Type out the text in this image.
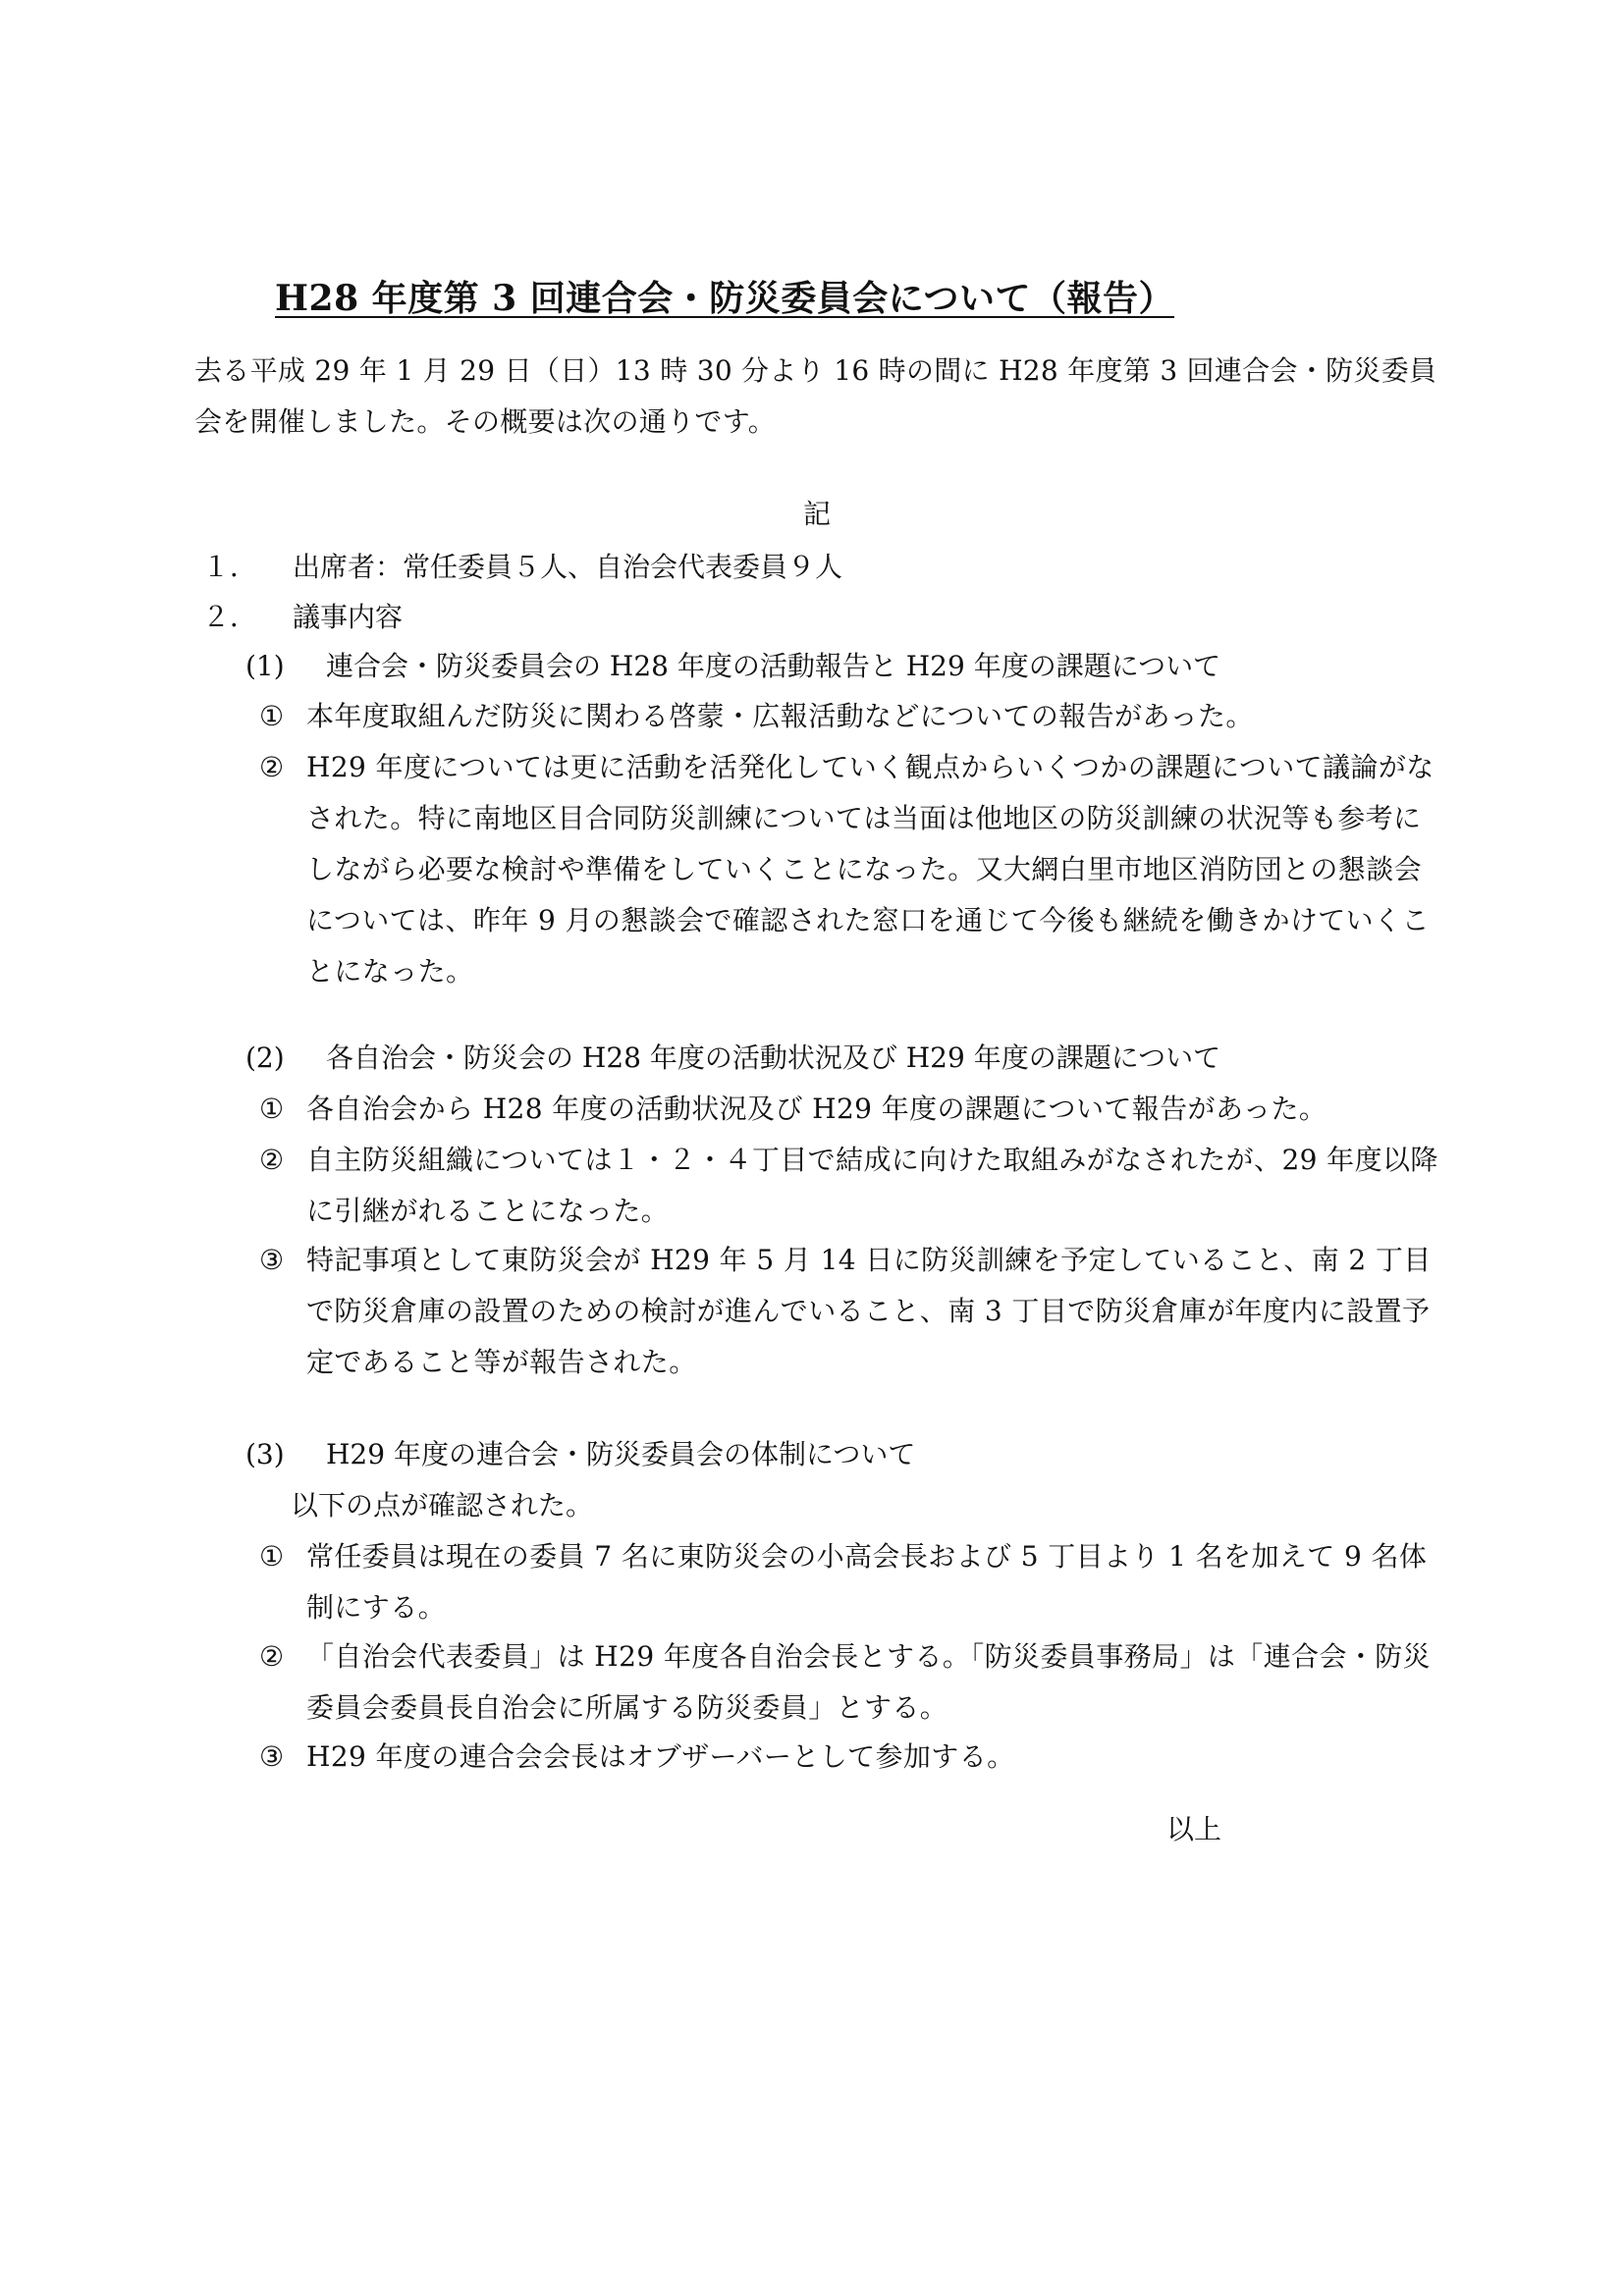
H28 年度第 3 回連合会・防災委員会について（報告）
去る平成 29 年 1 月 29 日（日）13 時 30 分より 16 時の間に H28 年度第 3 回連合会・防災委員会を開催しました。その概要は次の通りです。
記
１． 出席者：常任委員５人、自治会代表委員９人
２． 議事内容
(1) 連合会・防災委員会の H28 年度の活動報告と H29 年度の課題について
① 本年度取組んだ防災に関わる啓蒙・広報活動などについての報告があった。
② H29 年度については更に活動を活発化していく観点からいくつかの課題について議論がなされた。特に南地区目合同防災訓練については当面は他地区の防災訓練の状況等も参考にしながら必要な検討や準備をしていくことになった。又大網白里市地区消防団との懇談会については、昨年 9 月の懇談会で確認された窓口を通じて今後も継続を働きかけていくことになった。
(2) 各自治会・防災会の H28 年度の活動状況及び H29 年度の課題について
① 各自治会から H28 年度の活動状況及び H29 年度の課題について報告があった。
② 自主防災組織については１・２・４丁目で結成に向けた取組みがなされたが、29 年度以降に引継がれることになった。
③ 特記事項として東防災会が H29 年 5 月 14 日に防災訓練を予定していること、南 2 丁目で防災倉庫の設置のための検討が進んでいること、南 3 丁目で防災倉庫が年度内に設置予定であること等が報告された。
(3) H29 年度の連合会・防災委員会の体制について
以下の点が確認された。
① 常任委員は現在の委員 7 名に東防災会の小高会長および 5 丁目より 1 名を加えて 9 名体制にする。
② 「自治会代表委員」は H29 年度各自治会長とする。「防災委員事務局」は「連合会・防災委員会委員長自治会に所属する防災委員」とする。
③ H29 年度の連合会会長はオブザーバーとして参加する。
以上
